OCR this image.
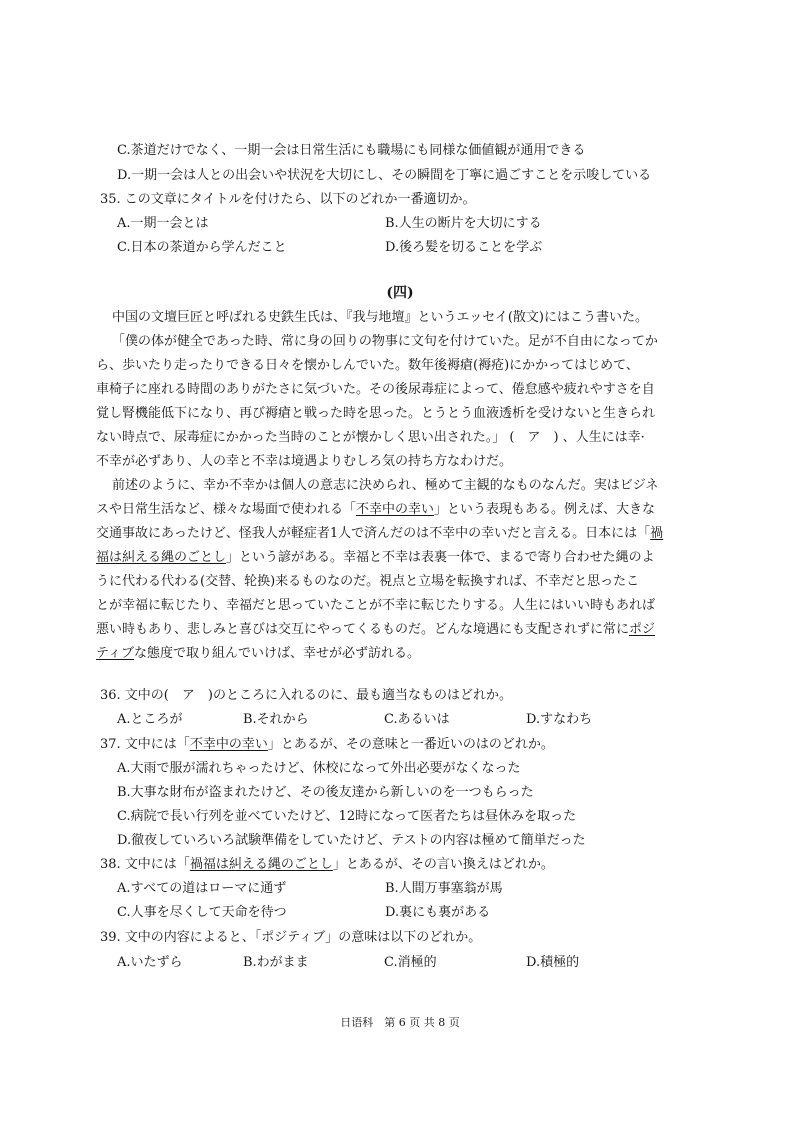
C.茶道だけでなく、一期一会は日常生活にも職場にも同様な価値観が通用できる
D.一期一会は人との出会いや状況を大切にし、その瞬間を丁寧に過ごすことを示唆している
35. この文章にタイトルを付けたら、以下のどれか一番適切か。
A.一期一会とは	B.人生の断片を大切にする
C.日本の茶道から学んだこと	D.後ろ髪を切ることを学ぶ
(四)
中国の文壇巨匠と呼ばれる史鉄生氏は、『我与地壇』というエッセイ(散文)にはこう書いた。
「僕の体が健全であった時、常に身の回りの物事に文句を付けていた。足が不自由になってか
ら、歩いたり走ったりできる日々を懐かしんでいた。数年後褥瘡(褥疮)にかかってはじめて、
車椅子に座れる時間のありがたさに気づいた。その後尿毒症によって、倦怠感や疲れやすさを自
覚し腎機能低下になり、再び褥瘡と戦った時を思った。とうとう血液透析を受けないと生きられ
ない時点で、尿毒症にかかった当時のことが懐かしく思い出された。」 (　ア　) 、人生には幸·
不幸が必ずあり、人の幸と不幸は境遇よりむしろ気の持ち方なわけだ。
前述のように、幸か不幸かは個人の意志に決められ、極めて主観的なものなんだ。実はビジネ
スや日常生活など、様々な場面で使われる「不幸中の幸い」という表現もある。例えば、大きな
交通事故にあったけど、怪我人が軽症者1人で済んだのは不幸中の幸いだと言える。日本には「禍
福は糾える縄のごとし」という諺がある。幸福と不幸は表裏一体で、まるで寄り合わせた縄のよ
うに代わる代わる(交替、轮换)来るものなのだ。視点と立場を転換すれば、不幸だと思ったこ
とが幸福に転じたり、幸福だと思っていたことが不幸に転じたりする。人生にはいい時もあれば
悪い時もあり、悲しみと喜びは交互にやってくるものだ。どんな境遇にも支配されずに常にポジ
ティブな態度で取り組んでいけば、幸せが必ず訪れる。
36. 文中の(　ア　)のところに入れるのに、最も適当なものはどれか。
A.ところが	B.それから	C.あるいは	D.すなわち
37. 文中には「不幸中の幸い」とあるが、その意味と一番近いのはのどれか。
A.大雨で服が濡れちゃったけど、休校になって外出必要がなくなった
B.大事な財布が盗まれたけど、その後友達から新しいのを一つもらった
C.病院で長い行列を並べていたけど、12時になって医者たちは昼休みを取った
D.徹夜していろいろ試験準備をしていたけど、テストの内容は極めて簡単だった
38. 文中には「禍福は糾える縄のごとし」とあるが、その言い換えはどれか。
A.すべての道はローマに通ず	B.人間万事塞翁が馬
C.人事を尽くして天命を待つ	D.裏にも裏がある
39. 文中の内容によると、「ポジティブ」の意味は以下のどれか。
A.いたずら	B.わがまま	C.消極的	D.積極的
日语科　第 6 页 共 8 页
